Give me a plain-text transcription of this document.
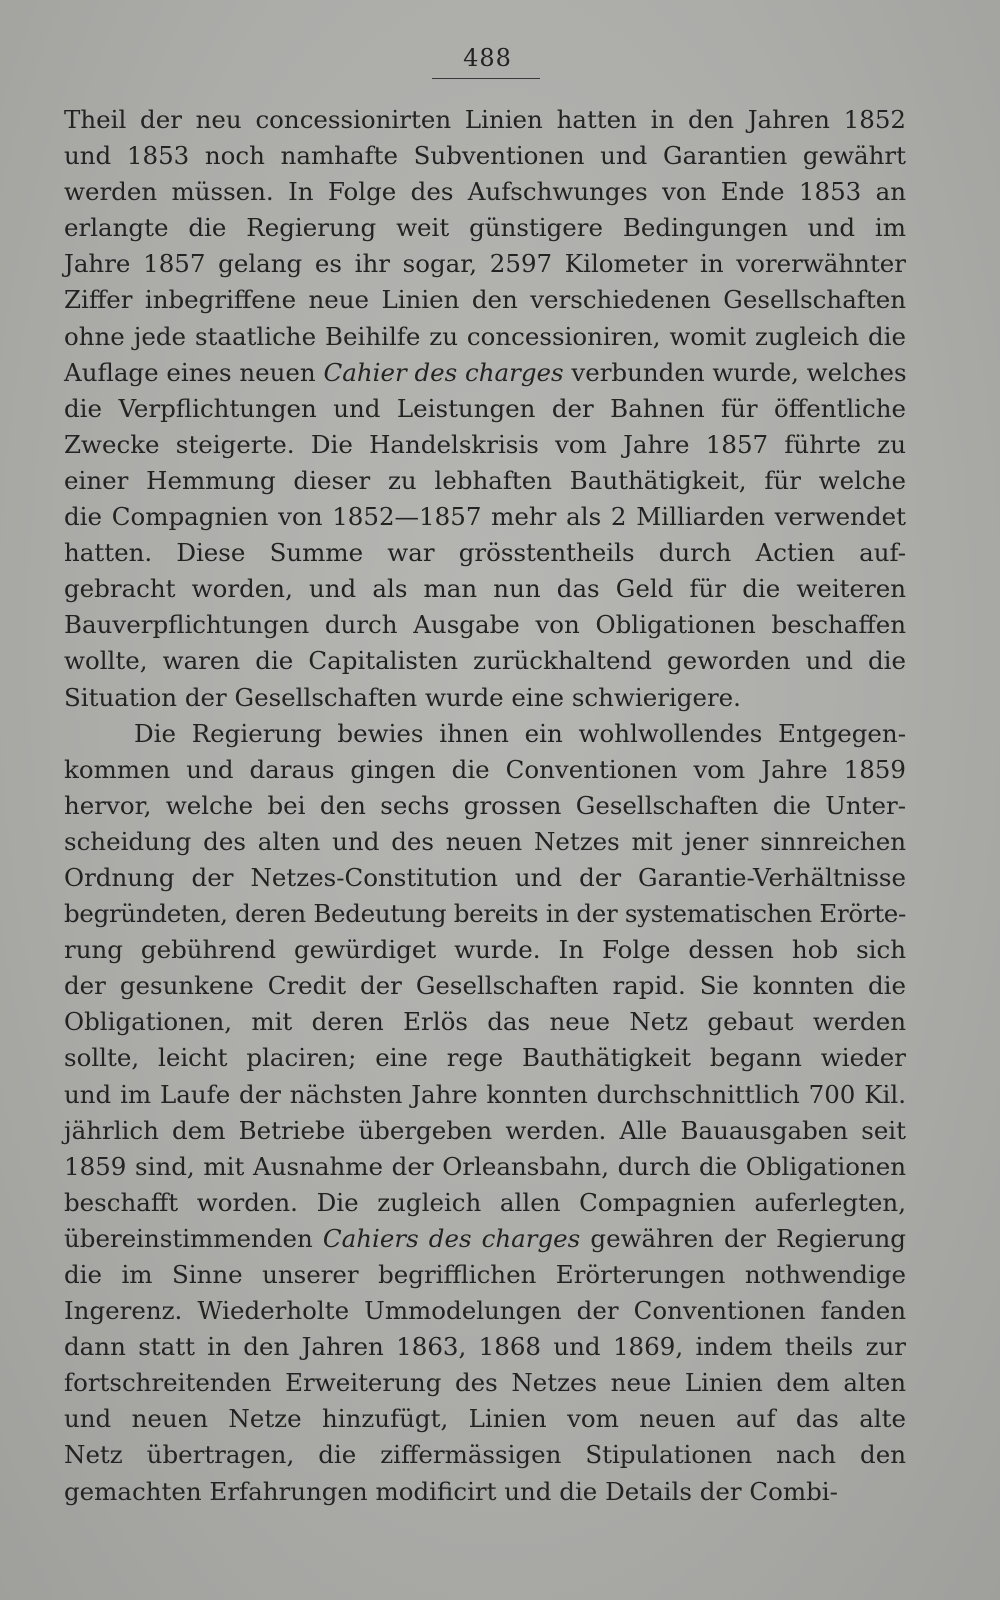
488
Theil der neu concessionirten Linien hatten in den Jahren 1852
und 1853 noch namhafte Subventionen und Garantien gewährt
werden müssen. In Folge des Aufschwunges von Ende 1853 an
erlangte die Regierung weit günstigere Bedingungen und im
Jahre 1857 gelang es ihr sogar, 2597 Kilometer in vorerwähnter
Ziffer inbegriffene neue Linien den verschiedenen Gesellschaften
ohne jede staatliche Beihilfe zu concessioniren, womit zugleich die
Auflage eines neuen Cahier des charges verbunden wurde, welches
die Verpflichtungen und Leistungen der Bahnen für öffentliche
Zwecke steigerte. Die Handelskrisis vom Jahre 1857 führte zu
einer Hemmung dieser zu lebhaften Bauthätigkeit, für welche
die Compagnien von 1852—1857 mehr als 2 Milliarden verwendet
hatten. Diese Summe war grösstentheils durch Actien auf-
gebracht worden, und als man nun das Geld für die weiteren
Bauverpflichtungen durch Ausgabe von Obligationen beschaffen
wollte, waren die Capitalisten zurückhaltend geworden und die
Situation der Gesellschaften wurde eine schwierigere.
Die Regierung bewies ihnen ein wohlwollendes Entgegen-
kommen und daraus gingen die Conventionen vom Jahre 1859
hervor, welche bei den sechs grossen Gesellschaften die Unter-
scheidung des alten und des neuen Netzes mit jener sinnreichen
Ordnung der Netzes-Constitution und der Garantie-Verhältnisse
begründeten, deren Bedeutung bereits in der systematischen Erörte-
rung gebührend gewürdiget wurde. In Folge dessen hob sich
der gesunkene Credit der Gesellschaften rapid. Sie konnten die
Obligationen, mit deren Erlös das neue Netz gebaut werden
sollte, leicht placiren; eine rege Bauthätigkeit begann wieder
und im Laufe der nächsten Jahre konnten durchschnittlich 700 Kil.
jährlich dem Betriebe übergeben werden. Alle Bauausgaben seit
1859 sind, mit Ausnahme der Orleansbahn, durch die Obligationen
beschafft worden. Die zugleich allen Compagnien auferlegten,
übereinstimmenden Cahiers des charges gewähren der Regierung
die im Sinne unserer begrifflichen Erörterungen nothwendige
Ingerenz. Wiederholte Ummodelungen der Conventionen fanden
dann statt in den Jahren 1863, 1868 und 1869, indem theils zur
fortschreitenden Erweiterung des Netzes neue Linien dem alten
und neuen Netze hinzufügt, Linien vom neuen auf das alte
Netz übertragen, die ziffermässigen Stipulationen nach den
gemachten Erfahrungen modificirt und die Details der Combi-
